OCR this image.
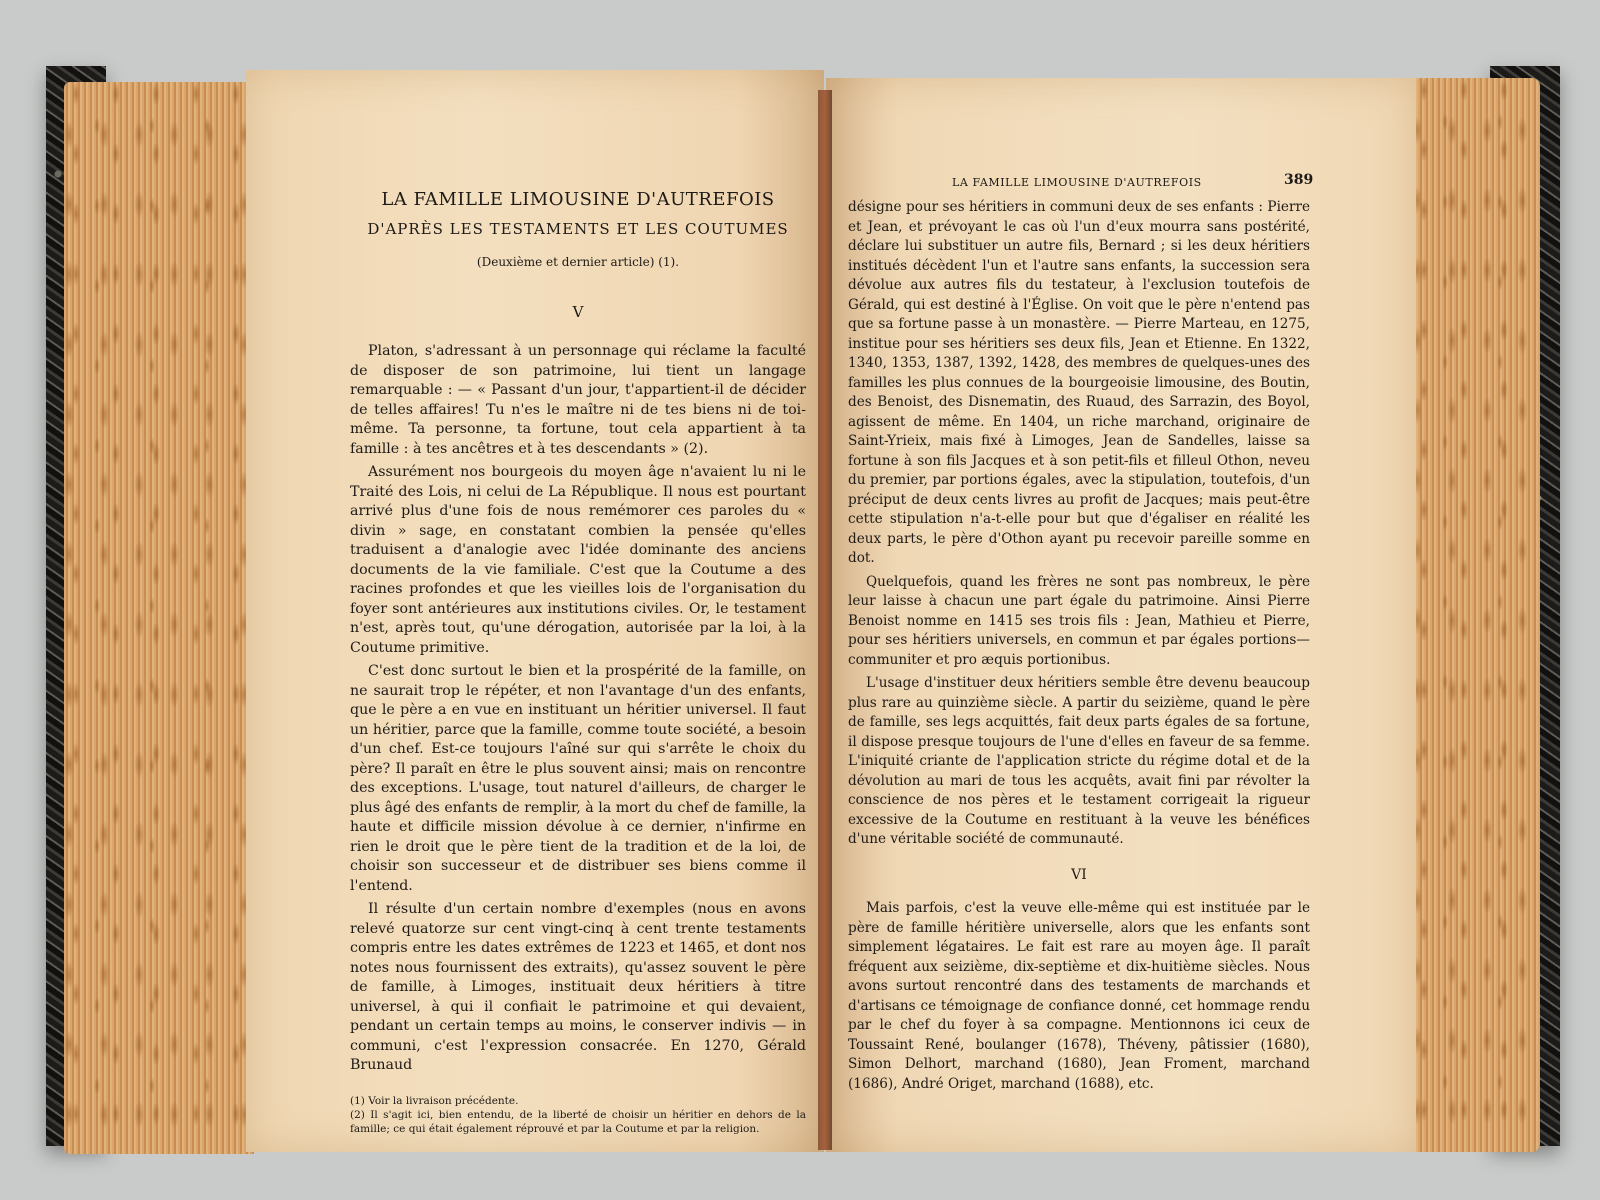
LA FAMILLE LIMOUSINE D'AUTREFOIS
D'APRÈS LES TESTAMENTS ET LES COUTUMES
(Deuxième et dernier article) (1).
V

Platon, s'adressant à un personnage qui réclame la faculté de disposer de son patrimoine, lui tient un langage remarquable : — « Passant d'un jour, t'appartient-il de décider de telles affaires! Tu n'es le maître ni de tes biens ni de toi-même. Ta personne, ta fortune, tout cela appartient à ta famille : à tes ancêtres et à tes descendants » (2).

Assurément nos bourgeois du moyen âge n'avaient lu ni le Traité des Lois, ni celui de La République. Il nous est pourtant arrivé plus d'une fois de nous remémorer ces paroles du « divin » sage, en constatant combien la pensée qu'elles traduisent a d'analogie avec l'idée dominante des anciens documents de la vie familiale. C'est que la Coutume a des racines profondes et que les vieilles lois de l'organisation du foyer sont antérieures aux institutions civiles. Or, le testament n'est, après tout, qu'une dérogation, autorisée par la loi, à la Coutume primitive.

C'est donc surtout le bien et la prospérité de la famille, on ne saurait trop le répéter, et non l'avantage d'un des enfants, que le père a en vue en instituant un héritier universel. Il faut un héritier, parce que la famille, comme toute société, a besoin d'un chef. Est-ce toujours l'aîné sur qui s'arrête le choix du père? Il paraît en être le plus souvent ainsi; mais on rencontre des exceptions. L'usage, tout naturel d'ailleurs, de charger le plus âgé des enfants de remplir, à la mort du chef de famille, la haute et difficile mission dévolue à ce dernier, n'infirme en rien le droit que le père tient de la tradition et de la loi, de choisir son successeur et de distribuer ses biens comme il l'entend.

Il résulte d'un certain nombre d'exemples (nous en avons relevé quatorze sur cent vingt-cinq à cent trente testaments compris entre les dates extrêmes de 1223 et 1465, et dont nos notes nous fournissent des extraits), qu'assez souvent le père de famille, à Limoges, instituait deux héritiers à titre universel, à qui il confiait le patrimoine et qui devaient, pendant un certain temps au moins, le conserver indivis — in communi, c'est l'expression consacrée. En 1270, Gérald Brunaud

(1) Voir la livraison précédente.
(2) Il s'agit ici, bien entendu, de la liberté de choisir un héritier en dehors de la famille; ce qui était également réprouvé et par la Coutume et par la religion.
LA FAMILLE LIMOUSINE D'AUTREFOIS	389

désigne pour ses héritiers in communi deux de ses enfants : Pierre et Jean, et prévoyant le cas où l'un d'eux mourra sans postérité, déclare lui substituer un autre fils, Bernard ; si les deux héritiers institués décèdent l'un et l'autre sans enfants, la succession sera dévolue aux autres fils du testateur, à l'exclusion toutefois de Gérald, qui est destiné à l'Église. On voit que le père n'entend pas que sa fortune passe à un monastère. — Pierre Marteau, en 1275, institue pour ses héritiers ses deux fils, Jean et Etienne. En 1322, 1340, 1353, 1387, 1392, 1428, des membres de quelques-unes des familles les plus connues de la bourgeoisie limousine, des Boutin, des Benoist, des Disnematin, des Ruaud, des Sarrazin, des Boyol, agissent de même. En 1404, un riche marchand, originaire de Saint-Yrieix, mais fixé à Limoges, Jean de Sandelles, laisse sa fortune à son fils Jacques et à son petit-fils et filleul Othon, neveu du premier, par portions égales, avec la stipulation, toutefois, d'un préciput de deux cents livres au profit de Jacques; mais peut-être cette stipulation n'a-t-elle pour but que d'égaliser en réalité les deux parts, le père d'Othon ayant pu recevoir pareille somme en dot.

Quelquefois, quand les frères ne sont pas nombreux, le père leur laisse à chacun une part égale du patrimoine. Ainsi Pierre Benoist nomme en 1415 ses trois fils : Jean, Mathieu et Pierre, pour ses héritiers universels, en commun et par égales portions—communiter et pro æquis portionibus.

L'usage d'instituer deux héritiers semble être devenu beaucoup plus rare au quinzième siècle. A partir du seizième, quand le père de famille, ses legs acquittés, fait deux parts égales de sa fortune, il dispose presque toujours de l'une d'elles en faveur de sa femme. L'iniquité criante de l'application stricte du régime dotal et de la dévolution au mari de tous les acquêts, avait fini par révolter la conscience de nos pères et le testament corrigeait la rigueur excessive de la Coutume en restituant à la veuve les bénéfices d'une véritable société de communauté.

VI

Mais parfois, c'est la veuve elle-même qui est instituée par le père de famille héritière universelle, alors que les enfants sont simplement légataires. Le fait est rare au moyen âge. Il paraît fréquent aux seizième, dix-septième et dix-huitième siècles. Nous avons surtout rencontré dans des testaments de marchands et d'artisans ce témoignage de confiance donné, cet hommage rendu par le chef du foyer à sa compagne. Mentionnons ici ceux de Toussaint René, boulanger (1678), Théveny, pâtissier (1680), Simon Delhort, marchand (1680), Jean Froment, marchand (1686), André Origet, marchand (1688), etc.
